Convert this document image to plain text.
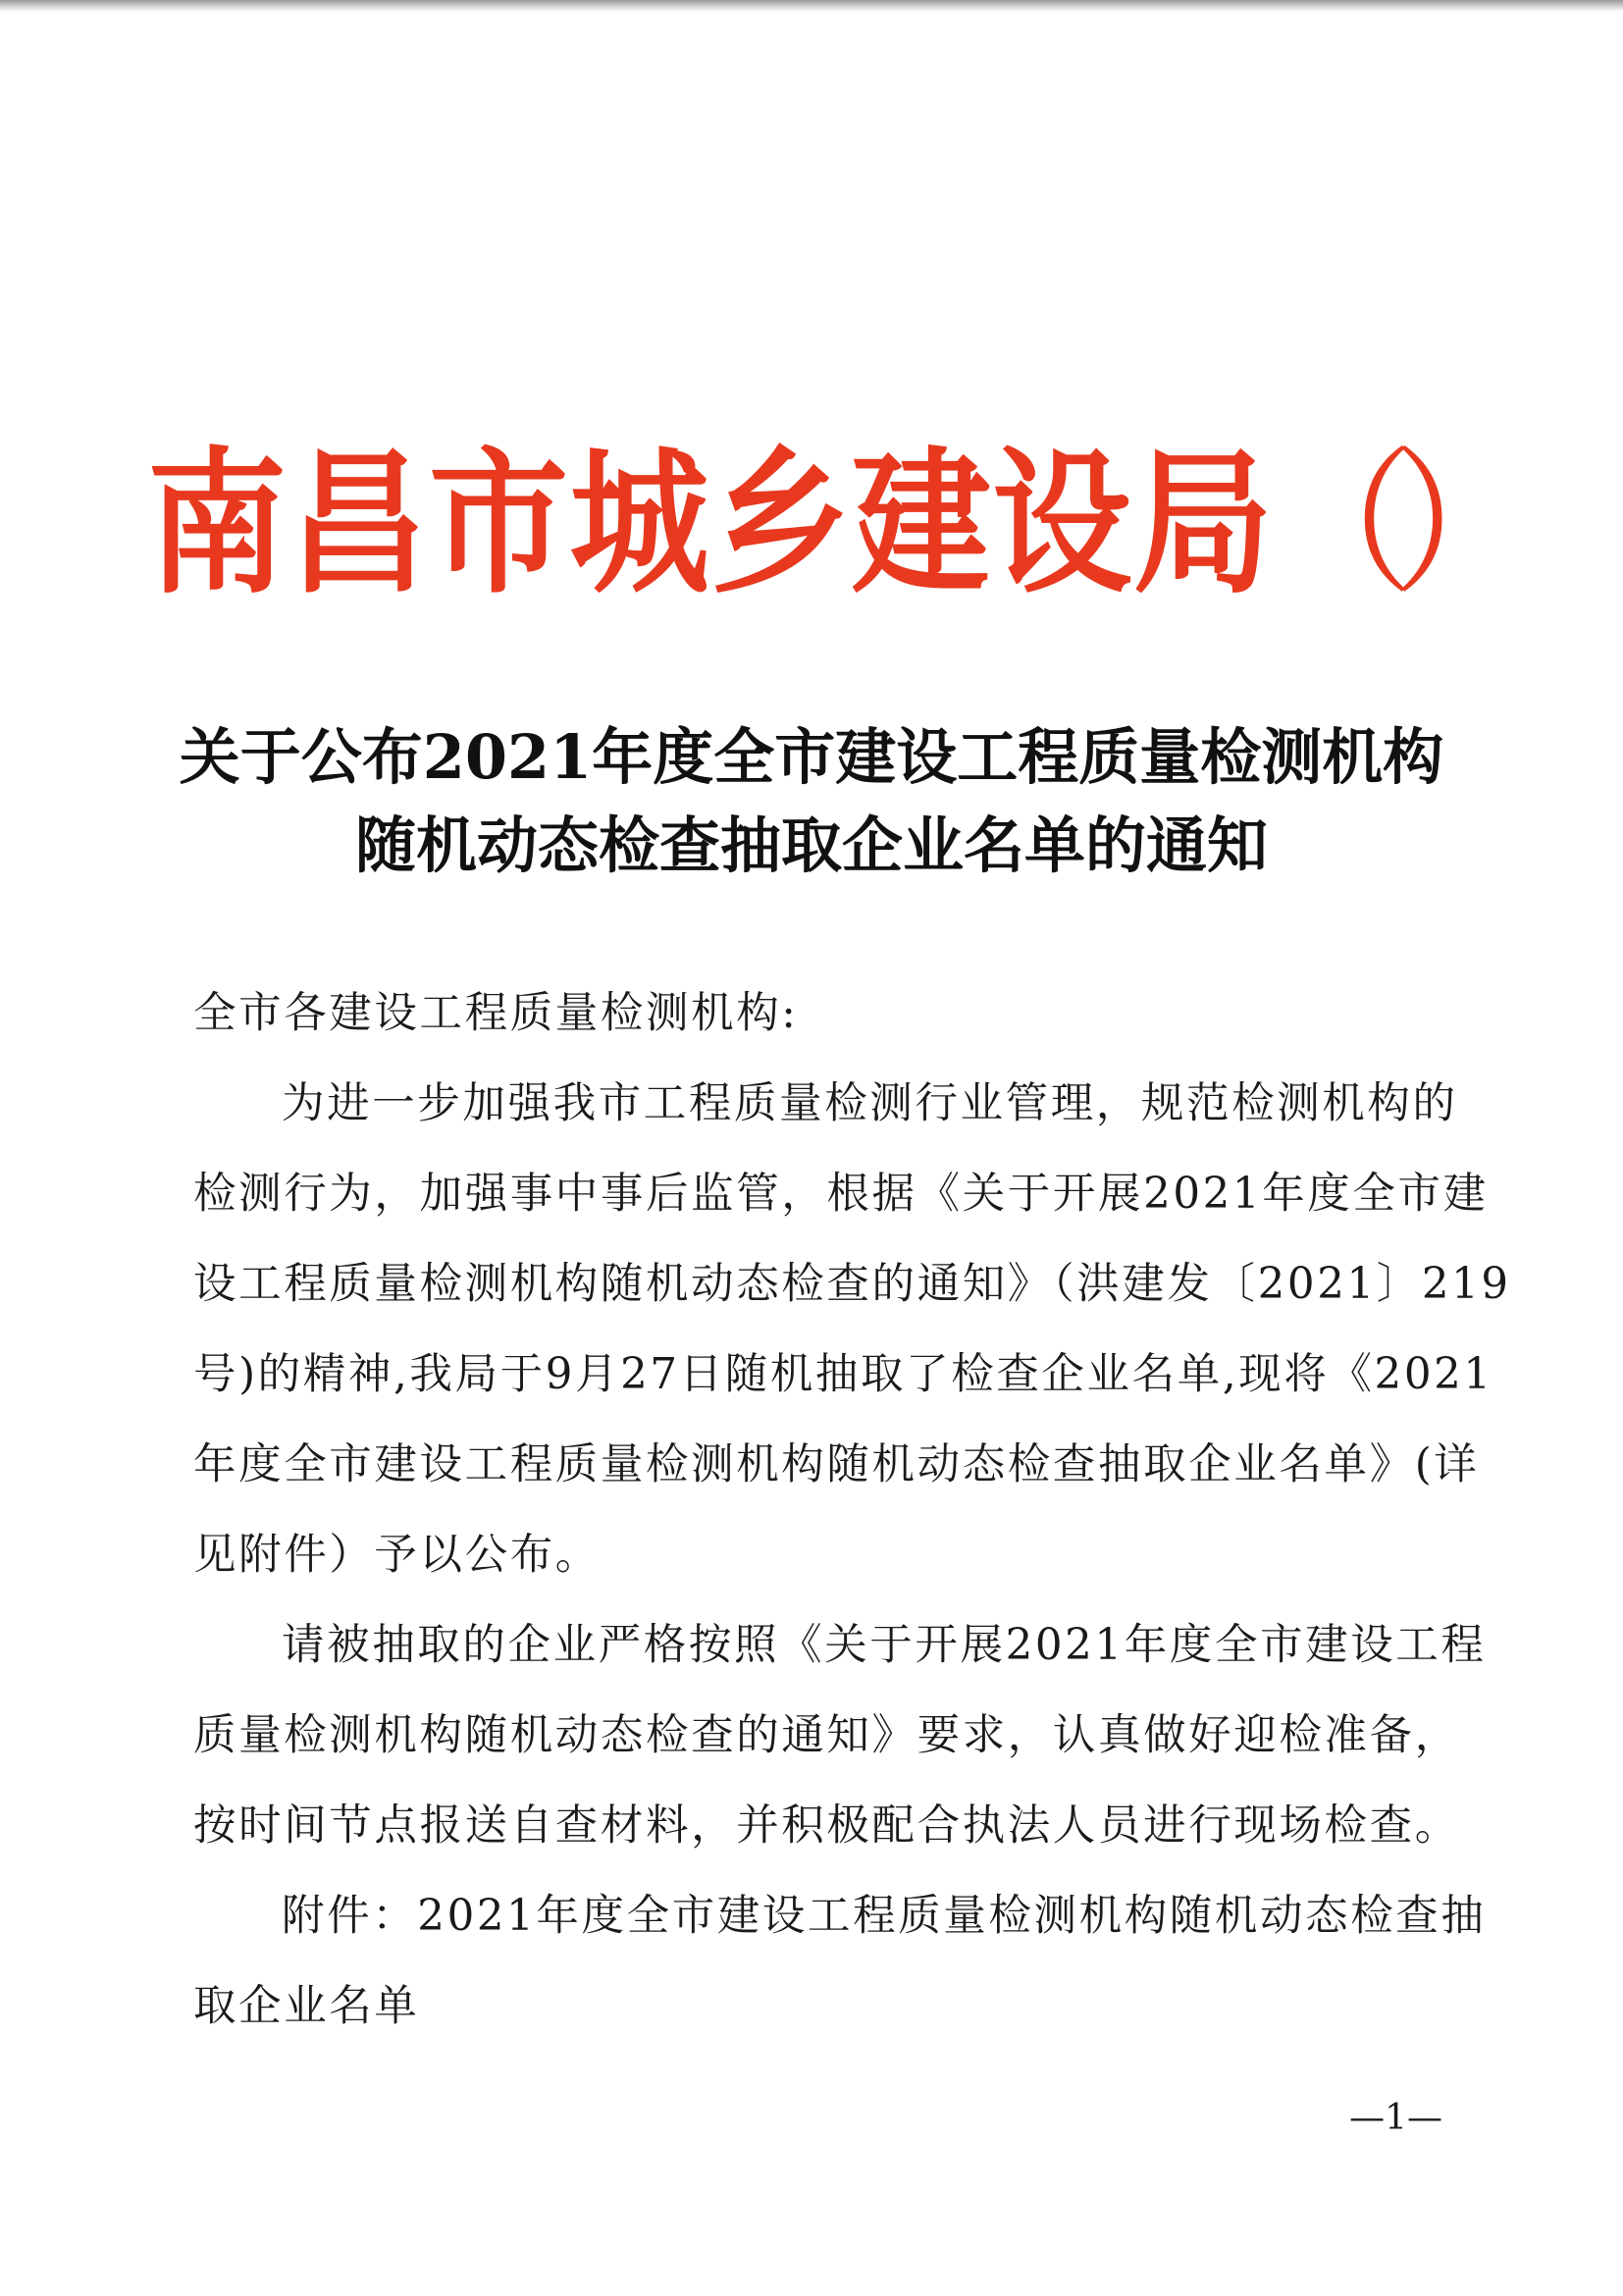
南 昌 市 城 乡 建 设 局 （
）
关于公布2021年度全市建设工程质量检测机构
随机动态检查抽取企业名单的通知
全市各建设工程质量检测机构:
为进一步加强我市工程质量检测行业管理，规范检测机构的
检测行为，加强事中事后监管，根据《关于开展2021年度全市建
设工程质量检测机构随机动态检查的通知》（洪建发〔2021〕219
号)的精神,我局于9月27日随机抽取了检查企业名单,现将《2021
年度全市建设工程质量检测机构随机动态检查抽取企业名单》(详
见附件）予以公布。
请被抽取的企业严格按照《关于开展2021年度全市建设工程
质量检测机构随机动态检查的通知》要求，认真做好迎检准备，
按时间节点报送自查材料，并积极配合执法人员进行现场检查。
附件：2021年度全市建设工程质量检测机构随机动态检查抽
取企业名单
—1—
